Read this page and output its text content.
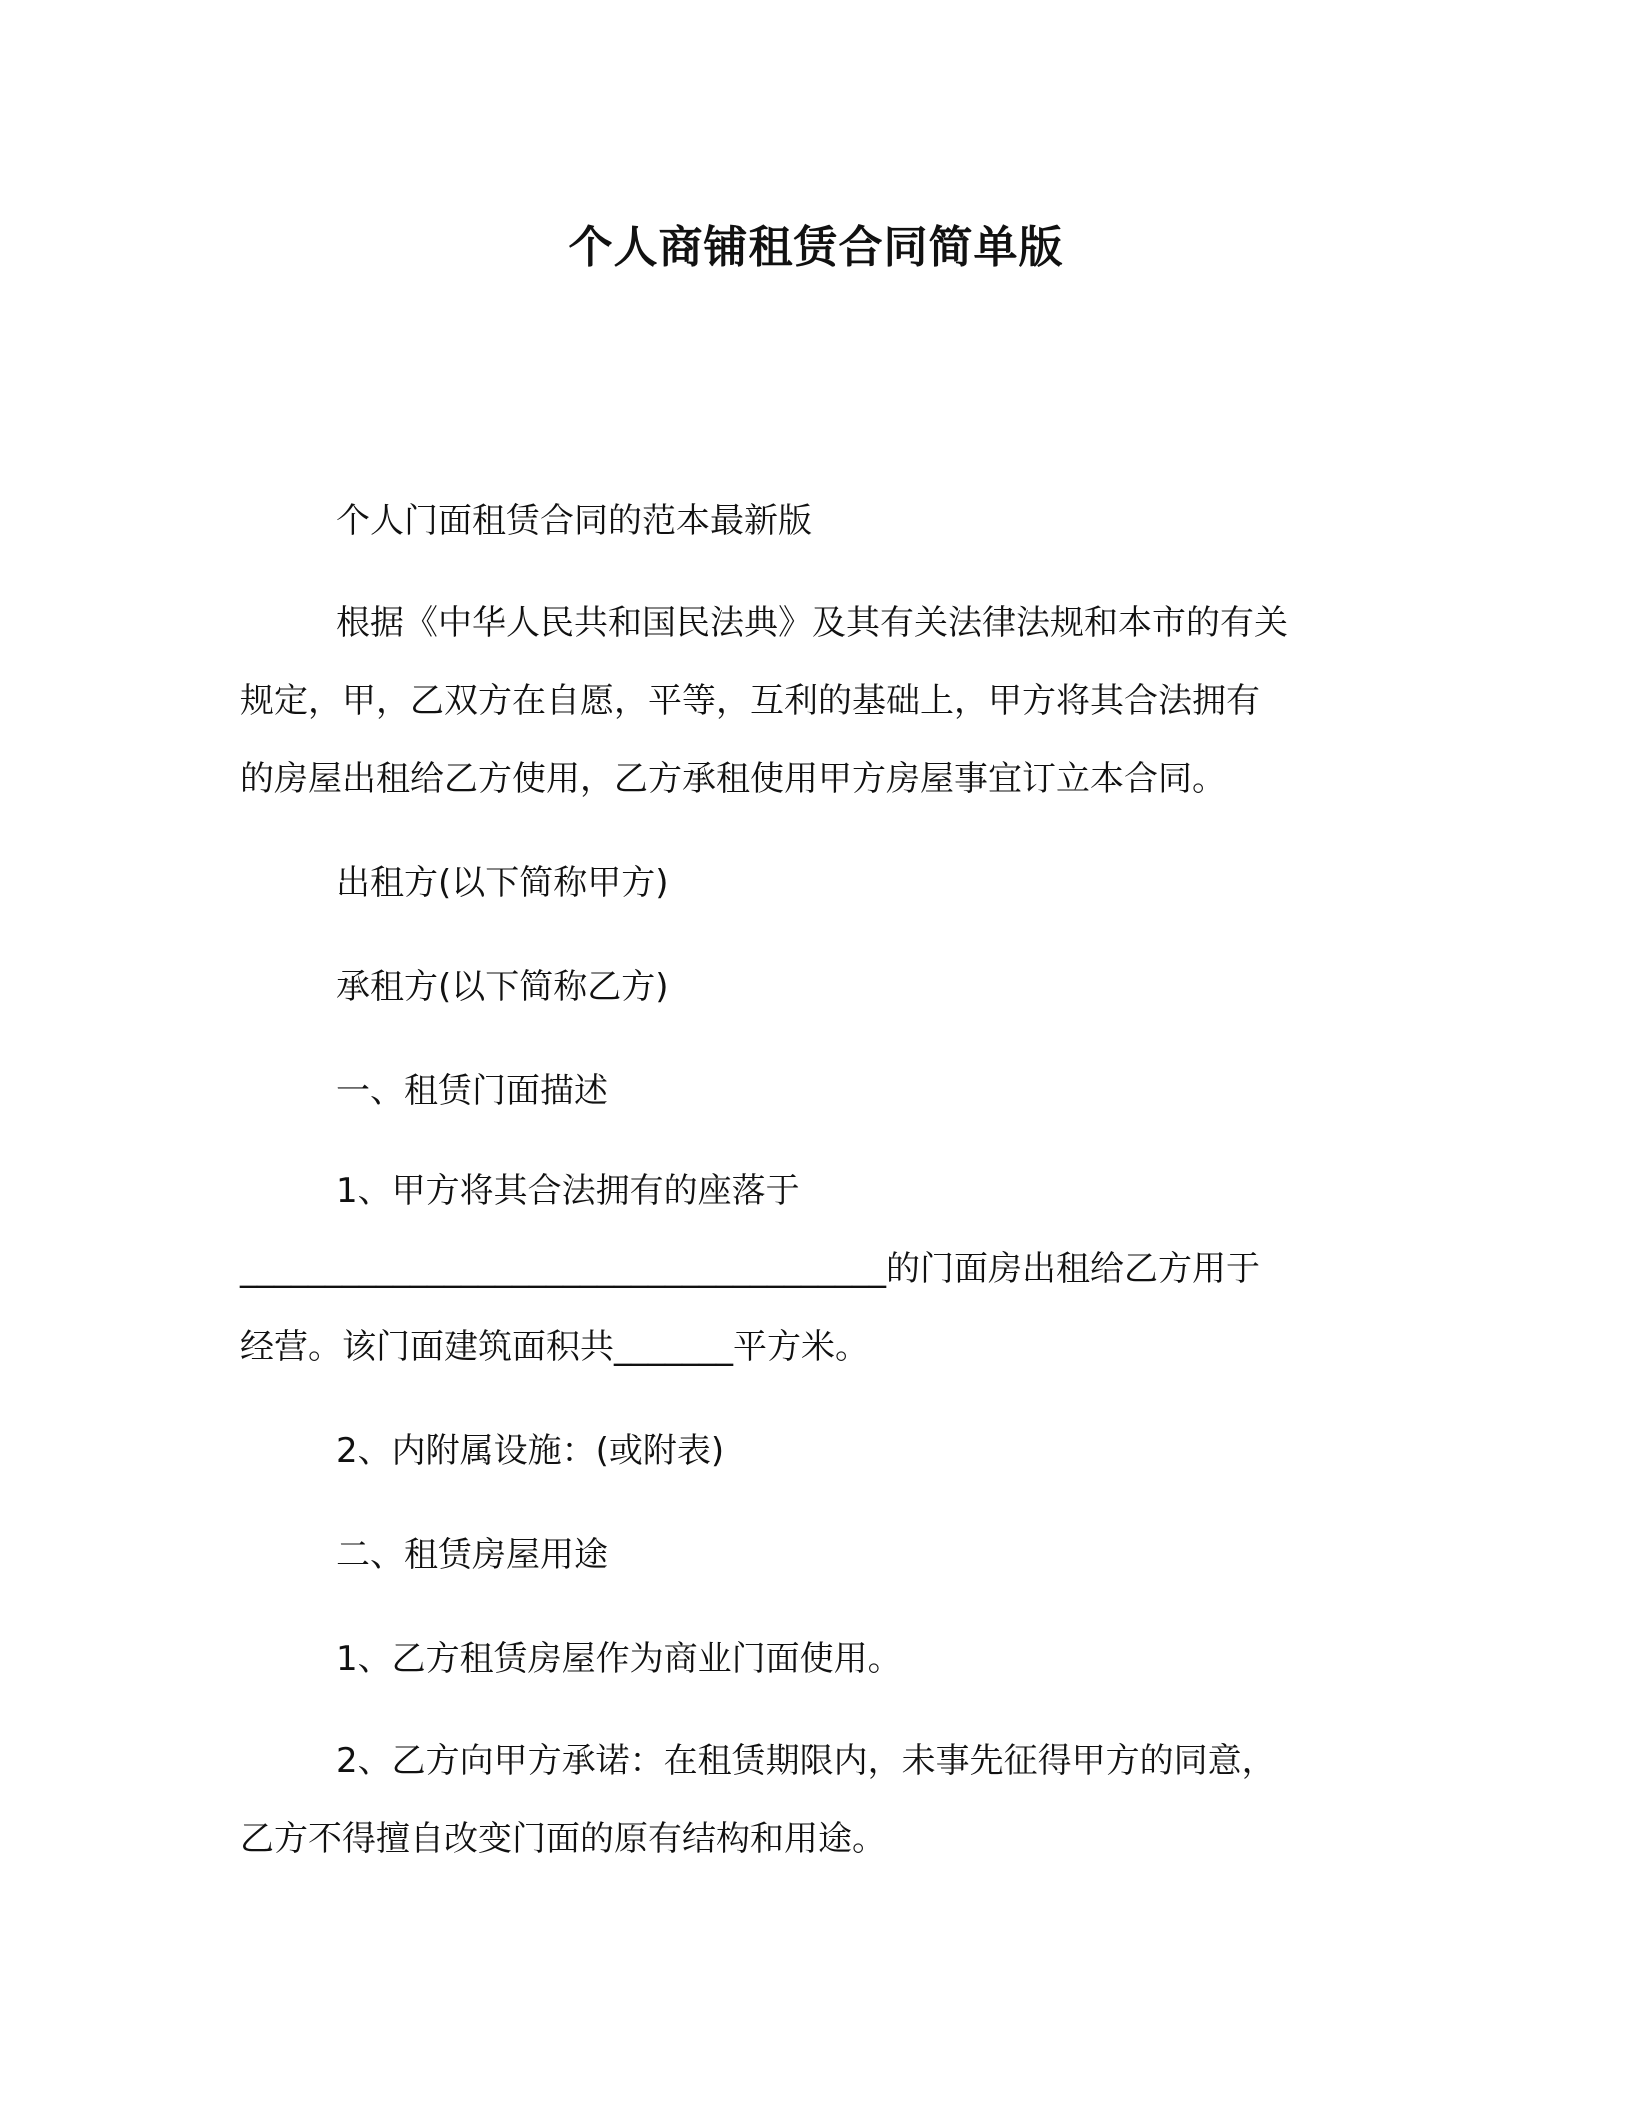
个人商铺租赁合同简单版

个人门面租赁合同的范本最新版

根据《中华人民共和国民法典》及其有关法律法规和本市的有关
规定，甲，乙双方在自愿，平等，互利的基础上，甲方将其合法拥有
的房屋出租给乙方使用，乙方承租使用甲方房屋事宜订立本合同。

出租方(以下简称甲方)

承租方(以下简称乙方)

一、租赁门面描述

1、甲方将其合法拥有的座落于
______________________________________的门面房出租给乙方用于
经营。该门面建筑面积共_______平方米。

2、内附属设施：(或附表)

二、租赁房屋用途

1、乙方租赁房屋作为商业门面使用。

2、乙方向甲方承诺：在租赁期限内，未事先征得甲方的同意，
乙方不得擅自改变门面的原有结构和用途。
